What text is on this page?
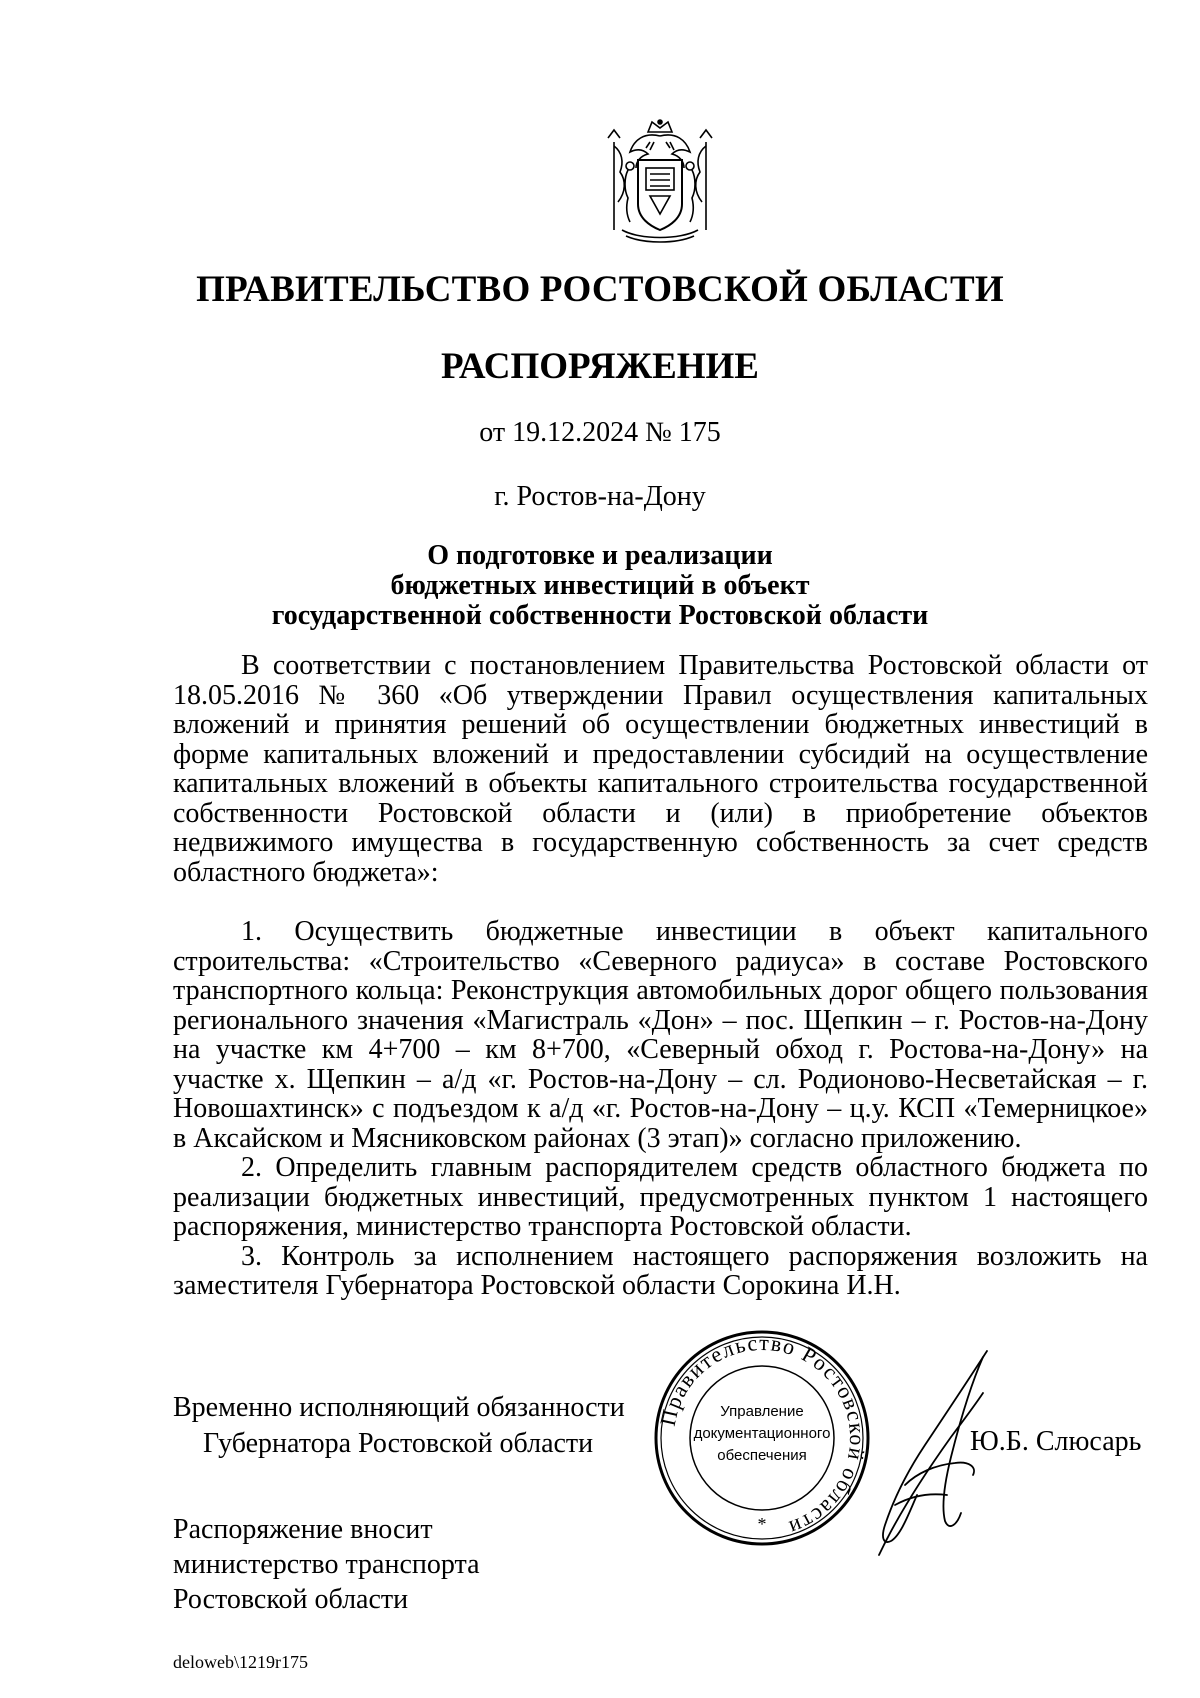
ПРАВИТЕЛЬСТВО РОСТОВСКОЙ ОБЛАСТИ
РАСПОРЯЖЕНИЕ
от 19.12.2024 № 175
г. Ростов-на-Дону
О подготовке и реализации
бюджетных инвестиций в объект
государственной собственности Ростовской области

В соответствии с постановлением Правительства Ростовской области от 18.05.2016 № 360 «Об утверждении Правил осуществления капитальных вложений и принятия решений об осуществлении бюджетных инвестиций в форме капитальных вложений и предоставлении субсидий на осуществление капитальных вложений в объекты капитального строительства государственной собственности Ростовской области и (или) в приобретение объектов недвижимого имущества в государственную собственность за счет средств областного бюджета»:

1. Осуществить бюджетные инвестиции в объект капитального строительства: «Строительство «Северного радиуса» в составе Ростовского транспортного кольца: Реконструкция автомобильных дорог общего пользования регионального значения «Магистраль «Дон» – пос. Щепкин – г. Ростов-на-Дону на участке км 4+700 – км 8+700, «Северный обход г. Ростова-на-Дону» на участке х. Щепкин – а/д «г. Ростов-на-Дону – сл. Родионово-Несветайская – г. Новошахтинск» с подъездом к а/д «г. Ростов-на-Дону – ц.у. КСП «Темерницкое» в Аксайском и Мясниковском районах (3 этап)» согласно приложению.

2. Определить главным распорядителем средств областного бюджета по реализации бюджетных инвестиций, предусмотренных пунктом 1 настоящего распоряжения, министерство транспорта Ростовской области.

3. Контроль за исполнением настоящего распоряжения возложить на заместителя Губернатора Ростовской области Сорокина И.Н.

Временно исполняющий обязанности
Губернатора Ростовской области
Правительство Ростовской области
Управление
документационного
обеспечения
*
Ю.Б. Слюсарь
Распоряжение вносит
министерство транспорта
Ростовской области
deloweb\1219r175
